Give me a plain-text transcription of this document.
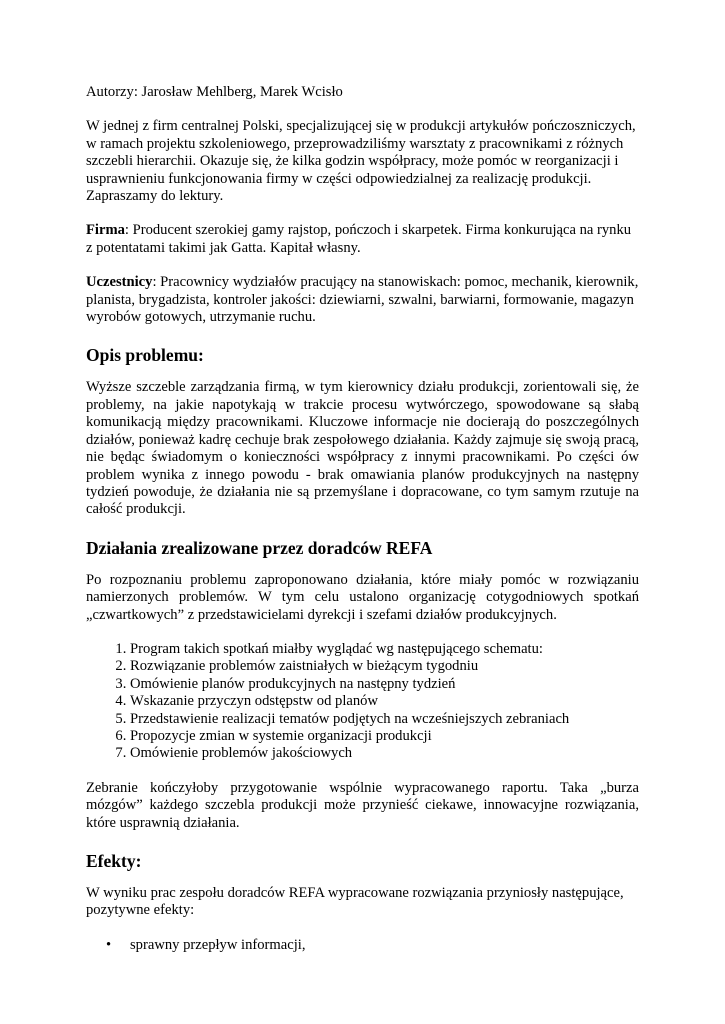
Autorzy: Jarosław Mehlberg, Marek Wcisło

W jednej z firm centralnej Polski, specjalizującej się w produkcji artykułów pończoszniczych, w ramach projektu szkoleniowego, przeprowadziliśmy warsztaty z pracownikami z różnych szczebli hierarchii. Okazuje się, że kilka godzin współpracy, może pomóc w reorganizacji i usprawnieniu funkcjonowania firmy w części odpowiedzialnej za realizację produkcji. Zapraszamy do lektury.

Firma: Producent szerokiej gamy rajstop, pończoch i skarpetek. Firma konkurująca na rynku z potentatami takimi jak Gatta. Kapitał własny.

Uczestnicy: Pracownicy wydziałów pracujący na stanowiskach: pomoc, mechanik, kierownik, planista, brygadzista, kontroler jakości: dziewiarni, szwalni, barwiarni, formowanie, magazyn wyrobów gotowych, utrzymanie ruchu.

Opis problemu:

Wyższe szczeble zarządzania firmą, w tym kierownicy działu produkcji, zorientowali się, że problemy, na jakie napotykają w trakcie procesu wytwórczego, spowodowane są słabą komunikacją między pracownikami. Kluczowe informacje nie docierają do poszczególnych działów, ponieważ kadrę cechuje brak zespołowego działania. Każdy zajmuje się swoją pracą, nie będąc świadomym o konieczności współpracy z innymi pracownikami. Po części ów problem wynika z innego powodu - brak omawiania planów produkcyjnych na następny tydzień powoduje, że działania nie są przemyślane i dopracowane, co tym samym rzutuje na całość produkcji.

Działania zrealizowane przez doradców REFA

Po rozpoznaniu problemu zaproponowano działania, które miały pomóc w rozwiązaniu namierzonych problemów. W tym celu ustalono organizację cotygodniowych spotkań „czwartkowych” z przedstawicielami dyrekcji i szefami działów produkcyjnych.

1. Program takich spotkań miałby wyglądać wg następującego schematu:
2. Rozwiązanie problemów zaistniałych w bieżącym tygodniu
3. Omówienie planów produkcyjnych na następny tydzień
4. Wskazanie przyczyn odstępstw od planów
5. Przedstawienie realizacji tematów podjętych na wcześniejszych zebraniach
6. Propozycje zmian w systemie organizacji produkcji
7. Omówienie problemów jakościowych

Zebranie kończyłoby przygotowanie wspólnie wypracowanego raportu. Taka „burza mózgów” każdego szczebla produkcji może przynieść ciekawe, innowacyjne rozwiązania, które usprawnią działania.

Efekty:

W wyniku prac zespołu doradców REFA wypracowane rozwiązania przyniosły następujące, pozytywne efekty:

• sprawny przepływ informacji,
